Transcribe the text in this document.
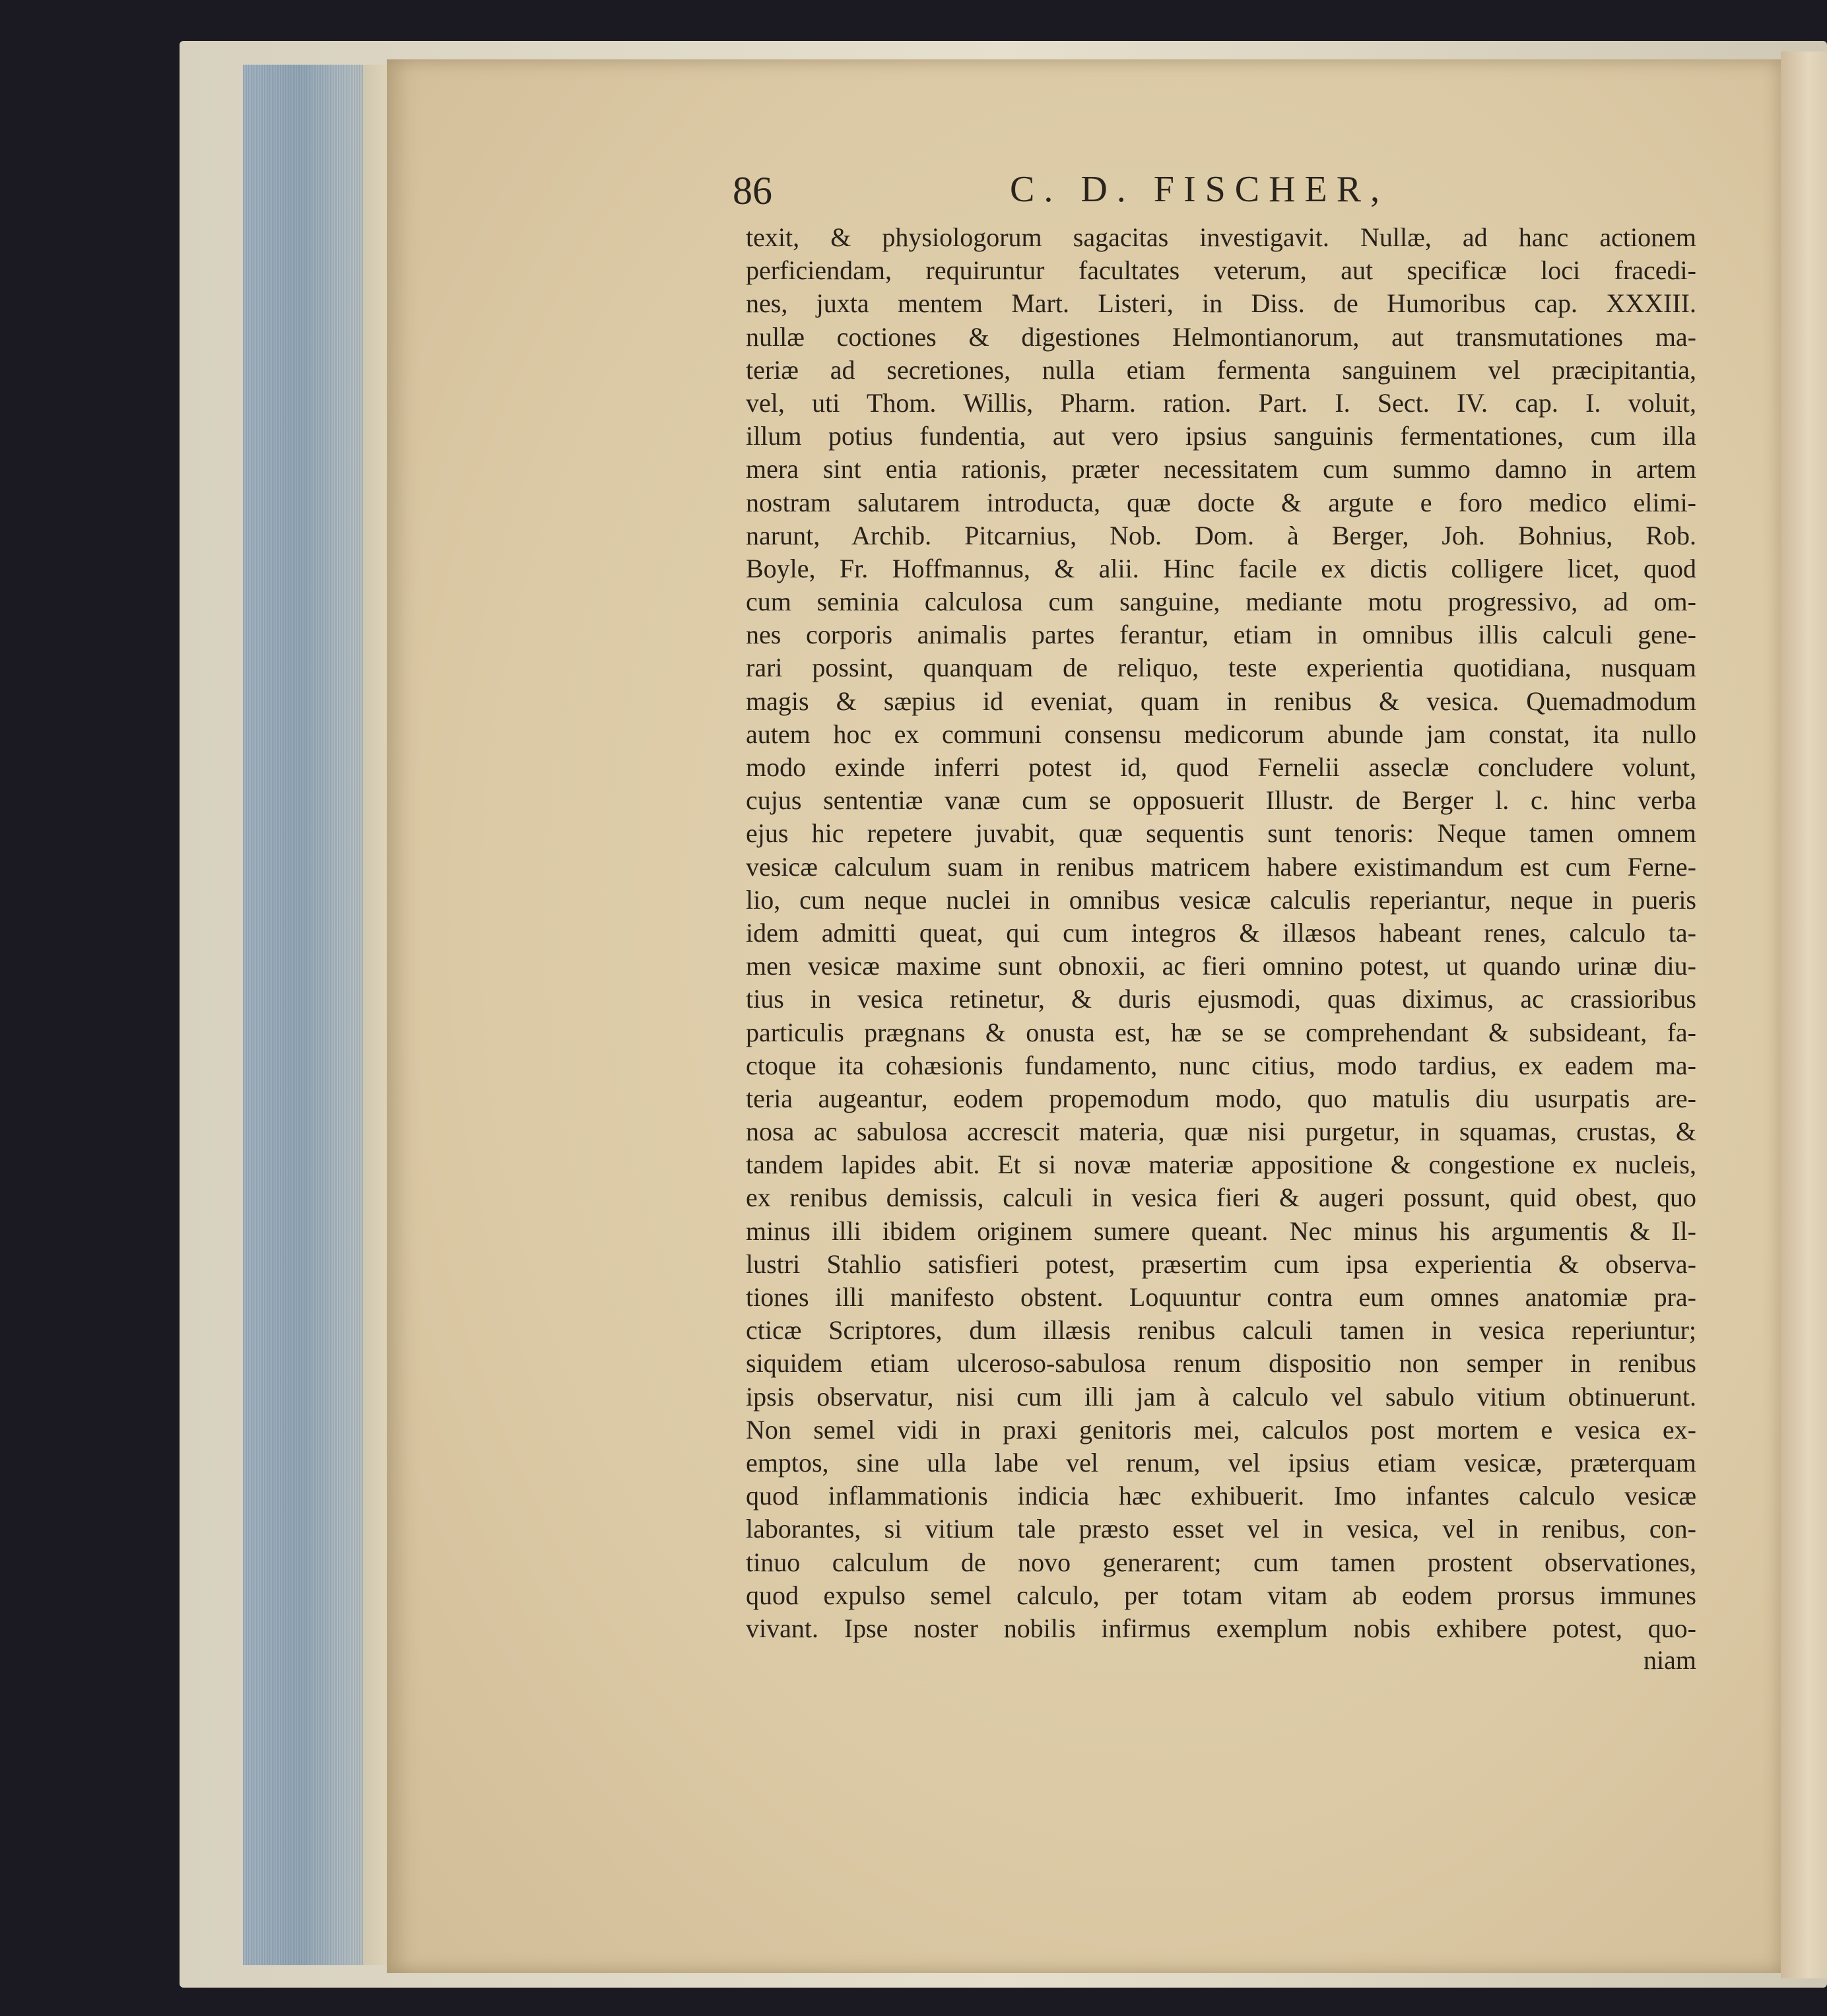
86	C. D. FISCHER,
texit, & physiologorum sagacitas investigavit. Nullæ, ad hanc actionem
perficiendam, requiruntur facultates veterum, aut specificæ loci fracedi-
nes, juxta mentem Mart. Listeri, in Diss. de Humoribus cap. XXXIII.
nullæ coctiones & digestiones Helmontianorum, aut transmutationes ma-
teriæ ad secretiones, nulla etiam fermenta sanguinem vel præcipitantia,
vel, uti Thom. Willis, Pharm. ration. Part. I. Sect. IV. cap. I. voluit,
illum potius fundentia, aut vero ipsius sanguinis fermentationes, cum illa
mera sint entia rationis, præter necessitatem cum summo damno in artem
nostram salutarem introducta, quæ docte & argute e foro medico elimi-
narunt, Archib. Pitcarnius, Nob. Dom. à Berger, Joh. Bohnius, Rob.
Boyle, Fr. Hoffmannus, & alii. Hinc facile ex dictis colligere licet, quod
cum seminia calculosa cum sanguine, mediante motu progressivo, ad om-
nes corporis animalis partes ferantur, etiam in omnibus illis calculi gene-
rari possint, quanquam de reliquo, teste experientia quotidiana, nusquam
magis & sæpius id eveniat, quam in renibus & vesica. Quemadmodum
autem hoc ex communi consensu medicorum abunde jam constat, ita nullo
modo exinde inferri potest id, quod Fernelii asseclæ concludere volunt,
cujus sententiæ vanæ cum se opposuerit Illustr. de Berger l. c. hinc verba
ejus hic repetere juvabit, quæ sequentis sunt tenoris: Neque tamen omnem
vesicæ calculum suam in renibus matricem habere existimandum est cum Ferne-
lio, cum neque nuclei in omnibus vesicæ calculis reperiantur, neque in pueris
idem admitti queat, qui cum integros & illæsos habeant renes, calculo ta-
men vesicæ maxime sunt obnoxii, ac fieri omnino potest, ut quando urinæ diu-
tius in vesica retinetur, & duris ejusmodi, quas diximus, ac crassioribus
particulis prægnans & onusta est, hæ se se comprehendant & subsideant, fa-
ctoque ita cohæsionis fundamento, nunc citius, modo tardius, ex eadem ma-
teria augeantur, eodem propemodum modo, quo matulis diu usurpatis are-
nosa ac sabulosa accrescit materia, quæ nisi purgetur, in squamas, crustas, &
tandem lapides abit. Et si novæ materiæ appositione & congestione ex nucleis,
ex renibus demissis, calculi in vesica fieri & augeri possunt, quid obest, quo
minus illi ibidem originem sumere queant. Nec minus his argumentis & Il-
lustri Stahlio satisfieri potest, præsertim cum ipsa experientia & observa-
tiones illi manifesto obstent. Loquuntur contra eum omnes anatomiæ pra-
cticæ Scriptores, dum illæsis renibus calculi tamen in vesica reperiuntur;
siquidem etiam ulceroso-sabulosa renum dispositio non semper in renibus
ipsis observatur, nisi cum illi jam à calculo vel sabulo vitium obtinuerunt.
Non semel vidi in praxi genitoris mei, calculos post mortem e vesica ex-
emptos, sine ulla labe vel renum, vel ipsius etiam vesicæ, præterquam
quod inflammationis indicia hæc exhibuerit. Imo infantes calculo vesicæ
laborantes, si vitium tale præsto esset vel in vesica, vel in renibus, con-
tinuo calculum de novo generarent; cum tamen prostent observationes,
quod expulso semel calculo, per totam vitam ab eodem prorsus immunes
vivant. Ipse noster nobilis infirmus exemplum nobis exhibere potest, quo-
niam
